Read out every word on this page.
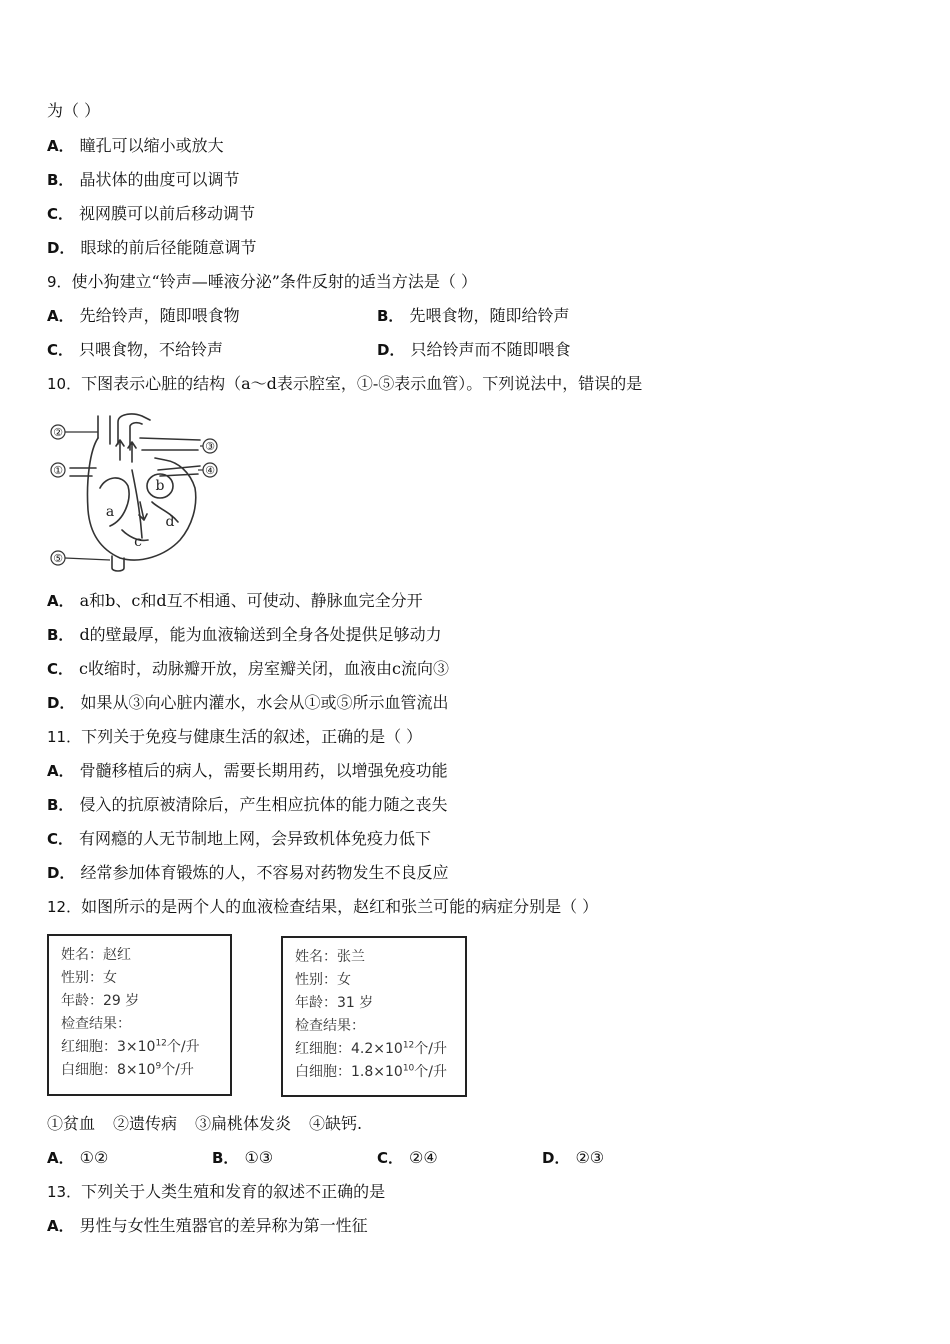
为（ ）
A． 瞳孔可以缩小或放大
B． 晶状体的曲度可以调节
C． 视网膜可以前后移动调节
D． 眼球的前后径能随意调节
9．使小狗建立“铃声—唾液分泌”条件反射的适当方法是（ ）
A． 先给铃声，随即喂食物	B． 先喂食物，随即给铃声
C． 只喂食物，不给铃声	D． 只给铃声而不随即喂食
10．下图表示心脏的结构（a～d表示腔室，①-⑤表示血管）。下列说法中，错误的是
②
③
④
①
⑤
a
b
c
d
A． a和b、c和d互不相通、可使动、静脉血完全分开
B． d的壁最厚，能为血液输送到全身各处提供足够动力
C． c收缩时，动脉瓣开放，房室瓣关闭，血液由c流向③
D． 如果从③向心脏内灌水，水会从①或⑤所示血管流出
11．下列关于免疫与健康生活的叙述，正确的是（ ）
A． 骨髓移植后的病人，需要长期用药，以增强免疫功能
B． 侵入的抗原被清除后，产生相应抗体的能力随之丧失
C． 有网瘾的人无节制地上网，会异致机体免疫力低下
D． 经常参加体育锻炼的人，不容易对药物发生不良反应
12．如图所示的是两个人的血液检查结果，赵红和张兰可能的病症分别是（ ）
姓名：赵红
性别：女
年龄：29 岁
检查结果：
红细胞：$3\times 10^{12}$个/升
白细胞：$8\times 10^9$个/升
姓名：张兰
性别：女
年龄：31 岁
检查结果：
红细胞：$4.2\times 10^{12}$个/升
白细胞：$1.8\times 10^{10}$个/升
①贫血 ②遗传病 ③扁桃体发炎 ④缺钙.
A． ①②	B． ①③	C． ②④	D． ②③
13．下列关于人类生殖和发育的叙述不正确的是
A． 男性与女性生殖器官的差异称为第一性征
